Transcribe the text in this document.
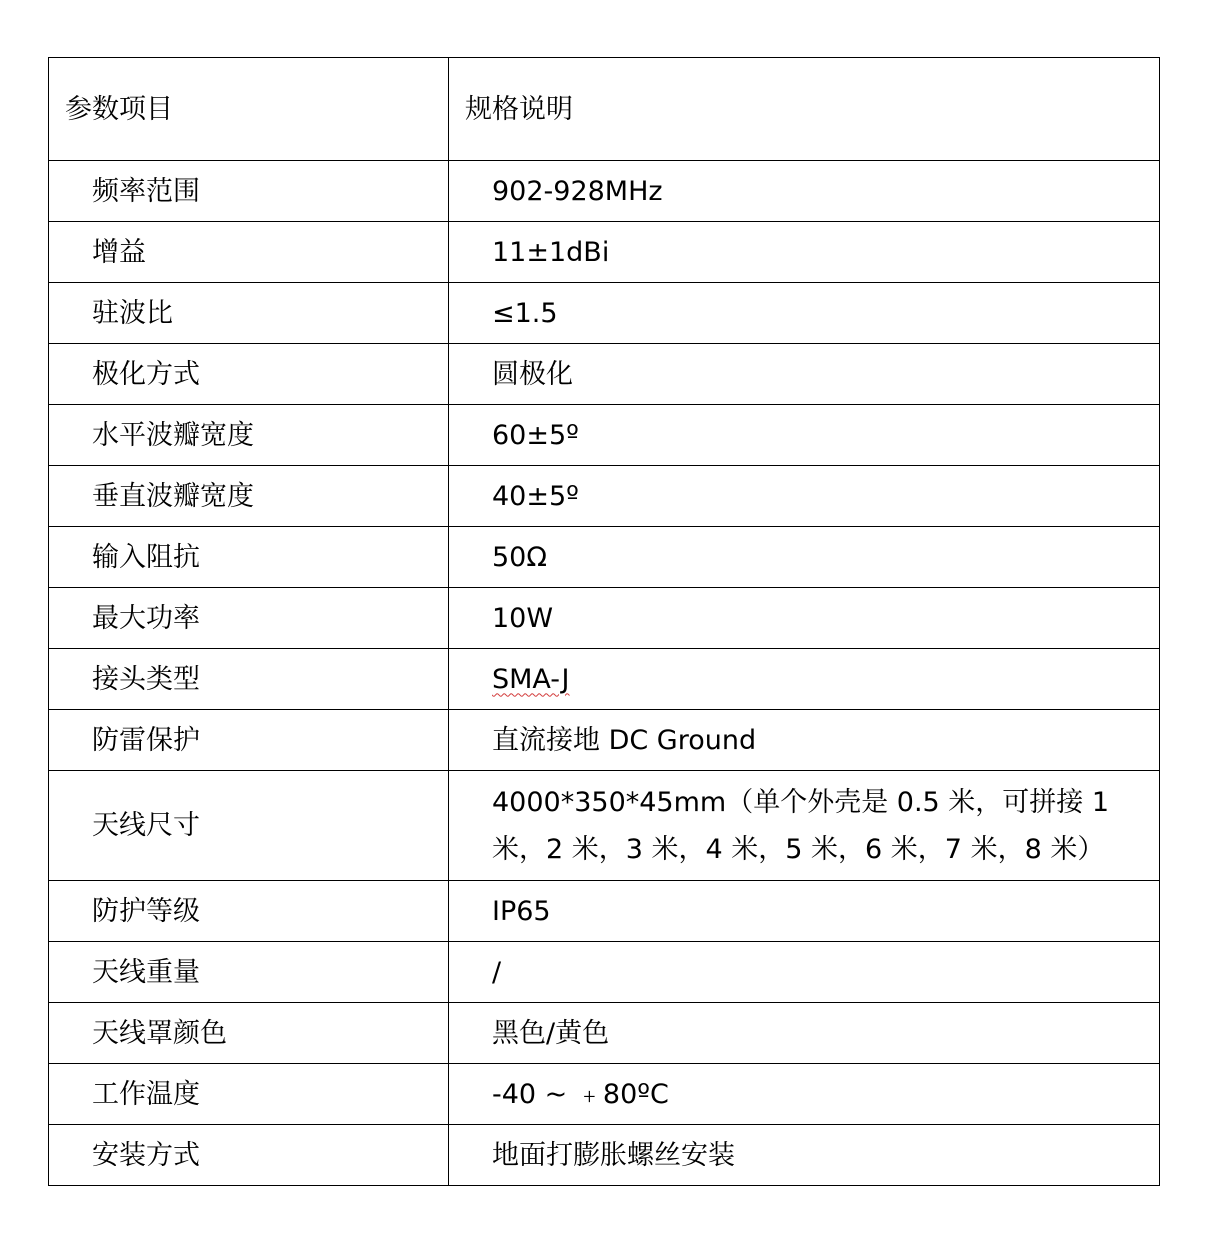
参数项目	规格说明
频率范围	902-928MHz
增益	11±1dBi
驻波比	≤1.5
极化方式	圆极化
水平波瓣宽度	60±5º
垂直波瓣宽度	40±5º
输入阻抗	50Ω
最大功率	10W
接头类型	SMA-J
防雷保护	直流接地 DC Ground
天线尺寸	4000*350*45mm（单个外壳是 0.5 米，可拼接 1 米，2 米，3 米，4 米，5 米，6 米，7 米，8 米）
防护等级	IP65
天线重量	/
天线罩颜色	黑色/黄色
工作温度	-40 ~ ﹢80ºC
安装方式	地面打膨胀螺丝安装
